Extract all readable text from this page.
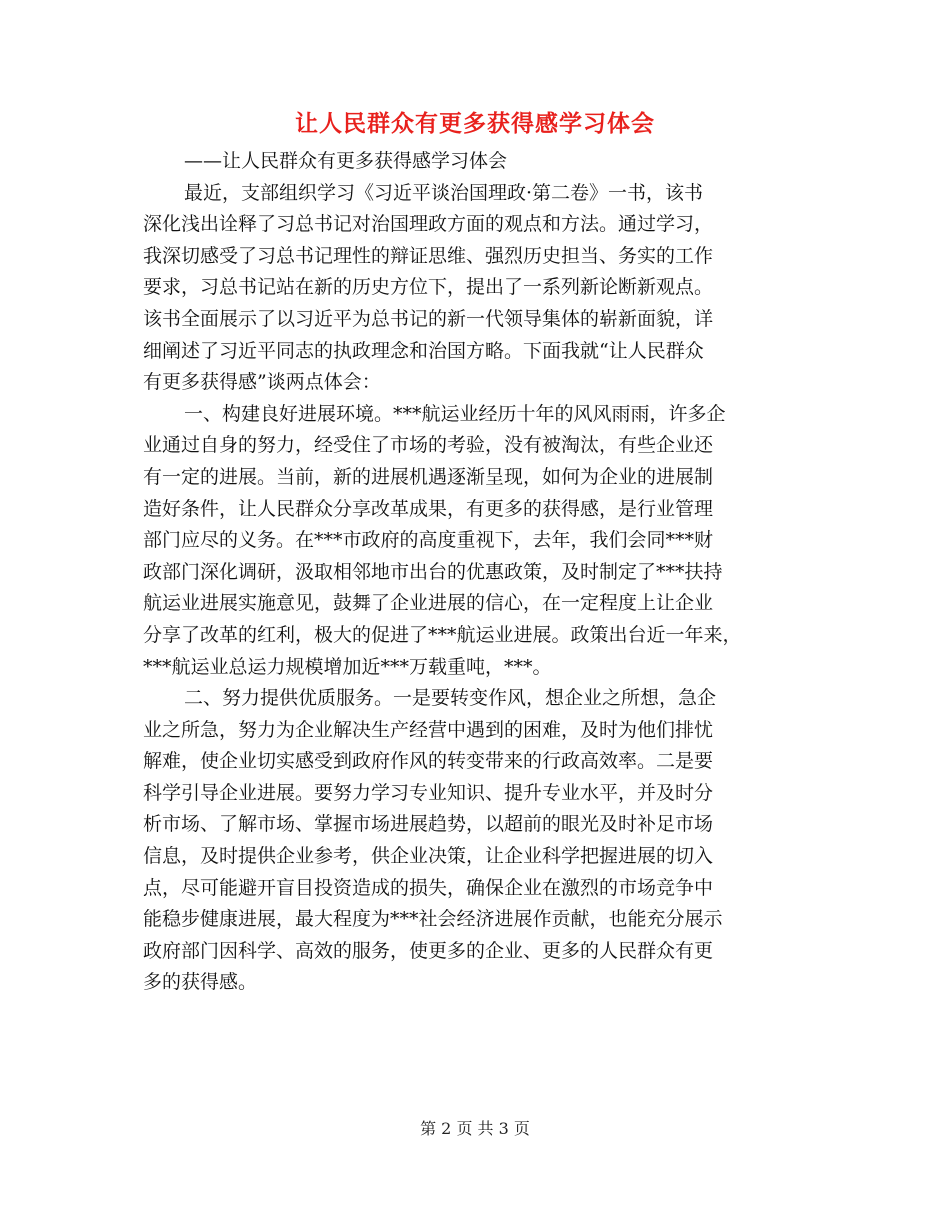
让人民群众有更多获得感学习体会
——让人民群众有更多获得感学习体会
最近，支部组织学习《习近平谈治国理政·第二卷》一书，该书
深化浅出诠释了习总书记对治国理政方面的观点和方法。通过学习，
我深切感受了习总书记理性的辩证思维、强烈历史担当、务实的工作
要求，习总书记站在新的历史方位下，提出了一系列新论断新观点。
该书全面展示了以习近平为总书记的新一代领导集体的崭新面貌，详
细阐述了习近平同志的执政理念和治国方略。下面我就“让人民群众
有更多获得感”谈两点体会：
一、构建良好进展环境。***航运业经历十年的风风雨雨，许多企
业通过自身的努力，经受住了市场的考验，没有被淘汰，有些企业还
有一定的进展。当前，新的进展机遇逐渐呈现，如何为企业的进展制
造好条件，让人民群众分享改革成果，有更多的获得感，是行业管理
部门应尽的义务。在***市政府的高度重视下，去年，我们会同***财
政部门深化调研，汲取相邻地市出台的优惠政策，及时制定了***扶持
航运业进展实施意见，鼓舞了企业进展的信心，在一定程度上让企业
分享了改革的红利，极大的促进了***航运业进展。政策出台近一年来，
***航运业总运力规模增加近***万载重吨，***。
二、努力提供优质服务。一是要转变作风，想企业之所想，急企
业之所急，努力为企业解决生产经营中遇到的困难，及时为他们排忧
解难，使企业切实感受到政府作风的转变带来的行政高效率。二是要
科学引导企业进展。要努力学习专业知识、提升专业水平，并及时分
析市场、了解市场、掌握市场进展趋势，以超前的眼光及时补足市场
信息，及时提供企业参考，供企业决策，让企业科学把握进展的切入
点，尽可能避开盲目投资造成的损失，确保企业在激烈的市场竞争中
能稳步健康进展，最大程度为***社会经济进展作贡献，也能充分展示
政府部门因科学、高效的服务，使更多的企业、更多的人民群众有更
多的获得感。
第 2 页 共 3 页
